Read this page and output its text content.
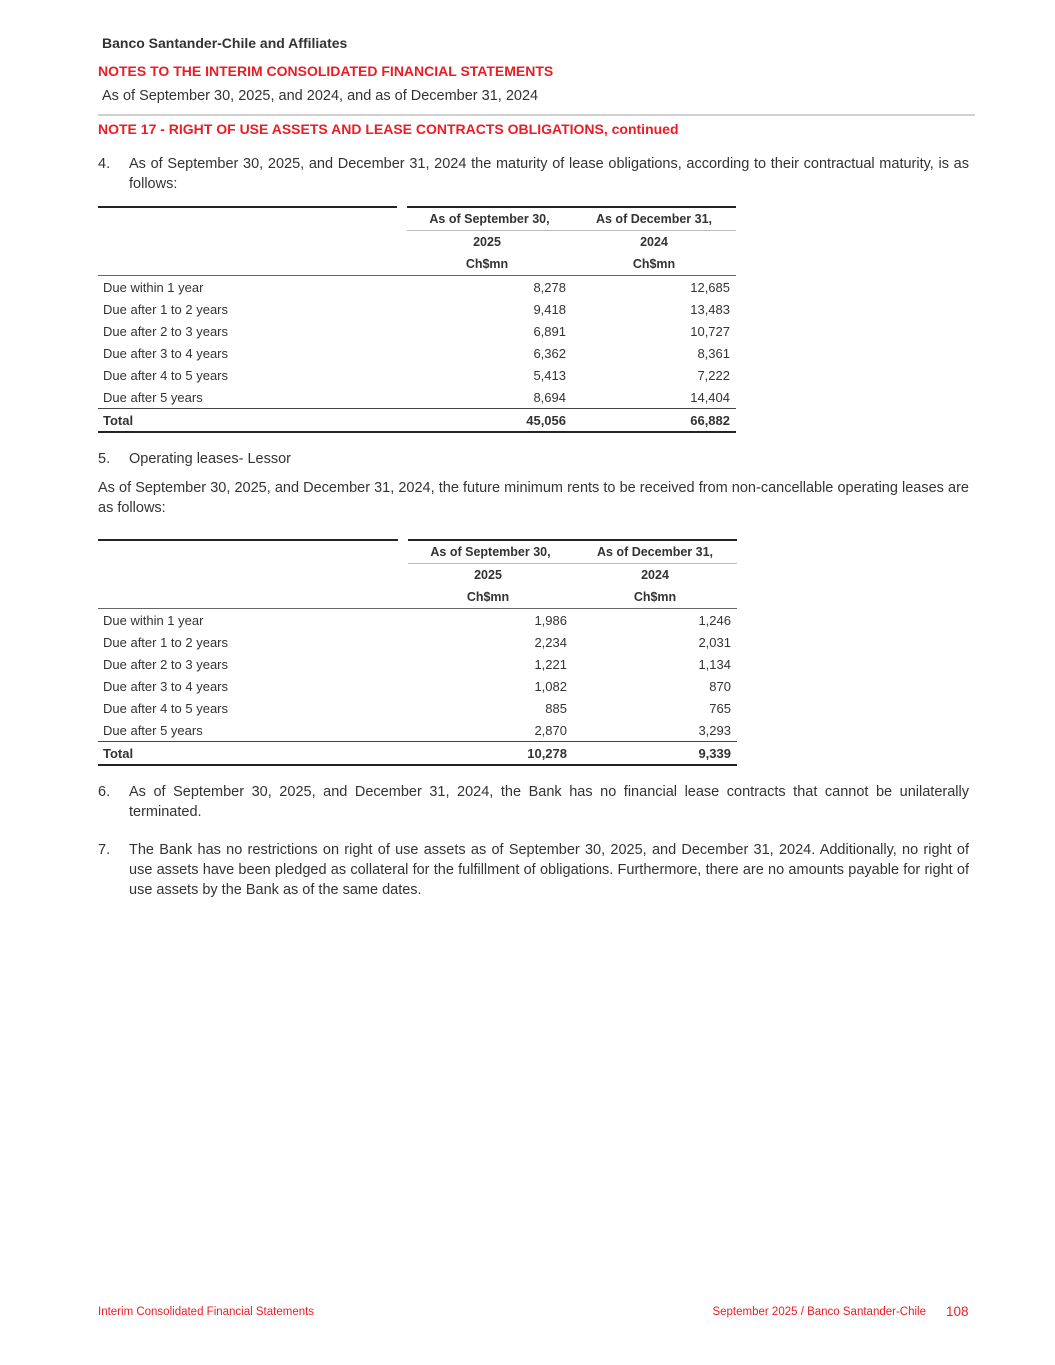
Banco Santander-Chile and Affiliates
NOTES TO THE INTERIM CONSOLIDATED FINANCIAL STATEMENTS
As of September 30, 2025, and 2024, and as of December 31, 2024
NOTE 17 - RIGHT OF USE ASSETS AND LEASE CONTRACTS OBLIGATIONS, continued
4. As of September 30, 2025, and December 31, 2024 the maturity of lease obligations, according to their contractual maturity, is as follows:
	As of September 30,	As of December 31,
	2025	2024
	Ch$mn	Ch$mn
Due within 1 year	8,278	12,685
Due after 1 to 2 years	9,418	13,483
Due after 2 to 3 years	6,891	10,727
Due after 3 to 4 years	6,362	8,361
Due after 4 to 5 years	5,413	7,222
Due after 5 years	8,694	14,404
Total	45,056	66,882
5. Operating leases- Lessor
As of September 30, 2025, and December 31, 2024, the future minimum rents to be received from non-cancellable operating leases are as follows:
	As of September 30,	As of December 31,
	2025	2024
	Ch$mn	Ch$mn
Due within 1 year	1,986	1,246
Due after 1 to 2 years	2,234	2,031
Due after 2 to 3 years	1,221	1,134
Due after 3 to 4 years	1,082	870
Due after 4 to 5 years	885	765
Due after 5 years	2,870	3,293
Total	10,278	9,339
6. As of September 30, 2025, and December 31, 2024, the Bank has no financial lease contracts that cannot be unilaterally terminated.
7. The Bank has no restrictions on right of use assets as of September 30, 2025, and December 31, 2024. Additionally, no right of use assets have been pledged as collateral for the fulfillment of obligations. Furthermore, there are no amounts payable for right of use assets by the Bank as of the same dates.
Interim Consolidated Financial Statements	September 2025 / Banco Santander-Chile 108
